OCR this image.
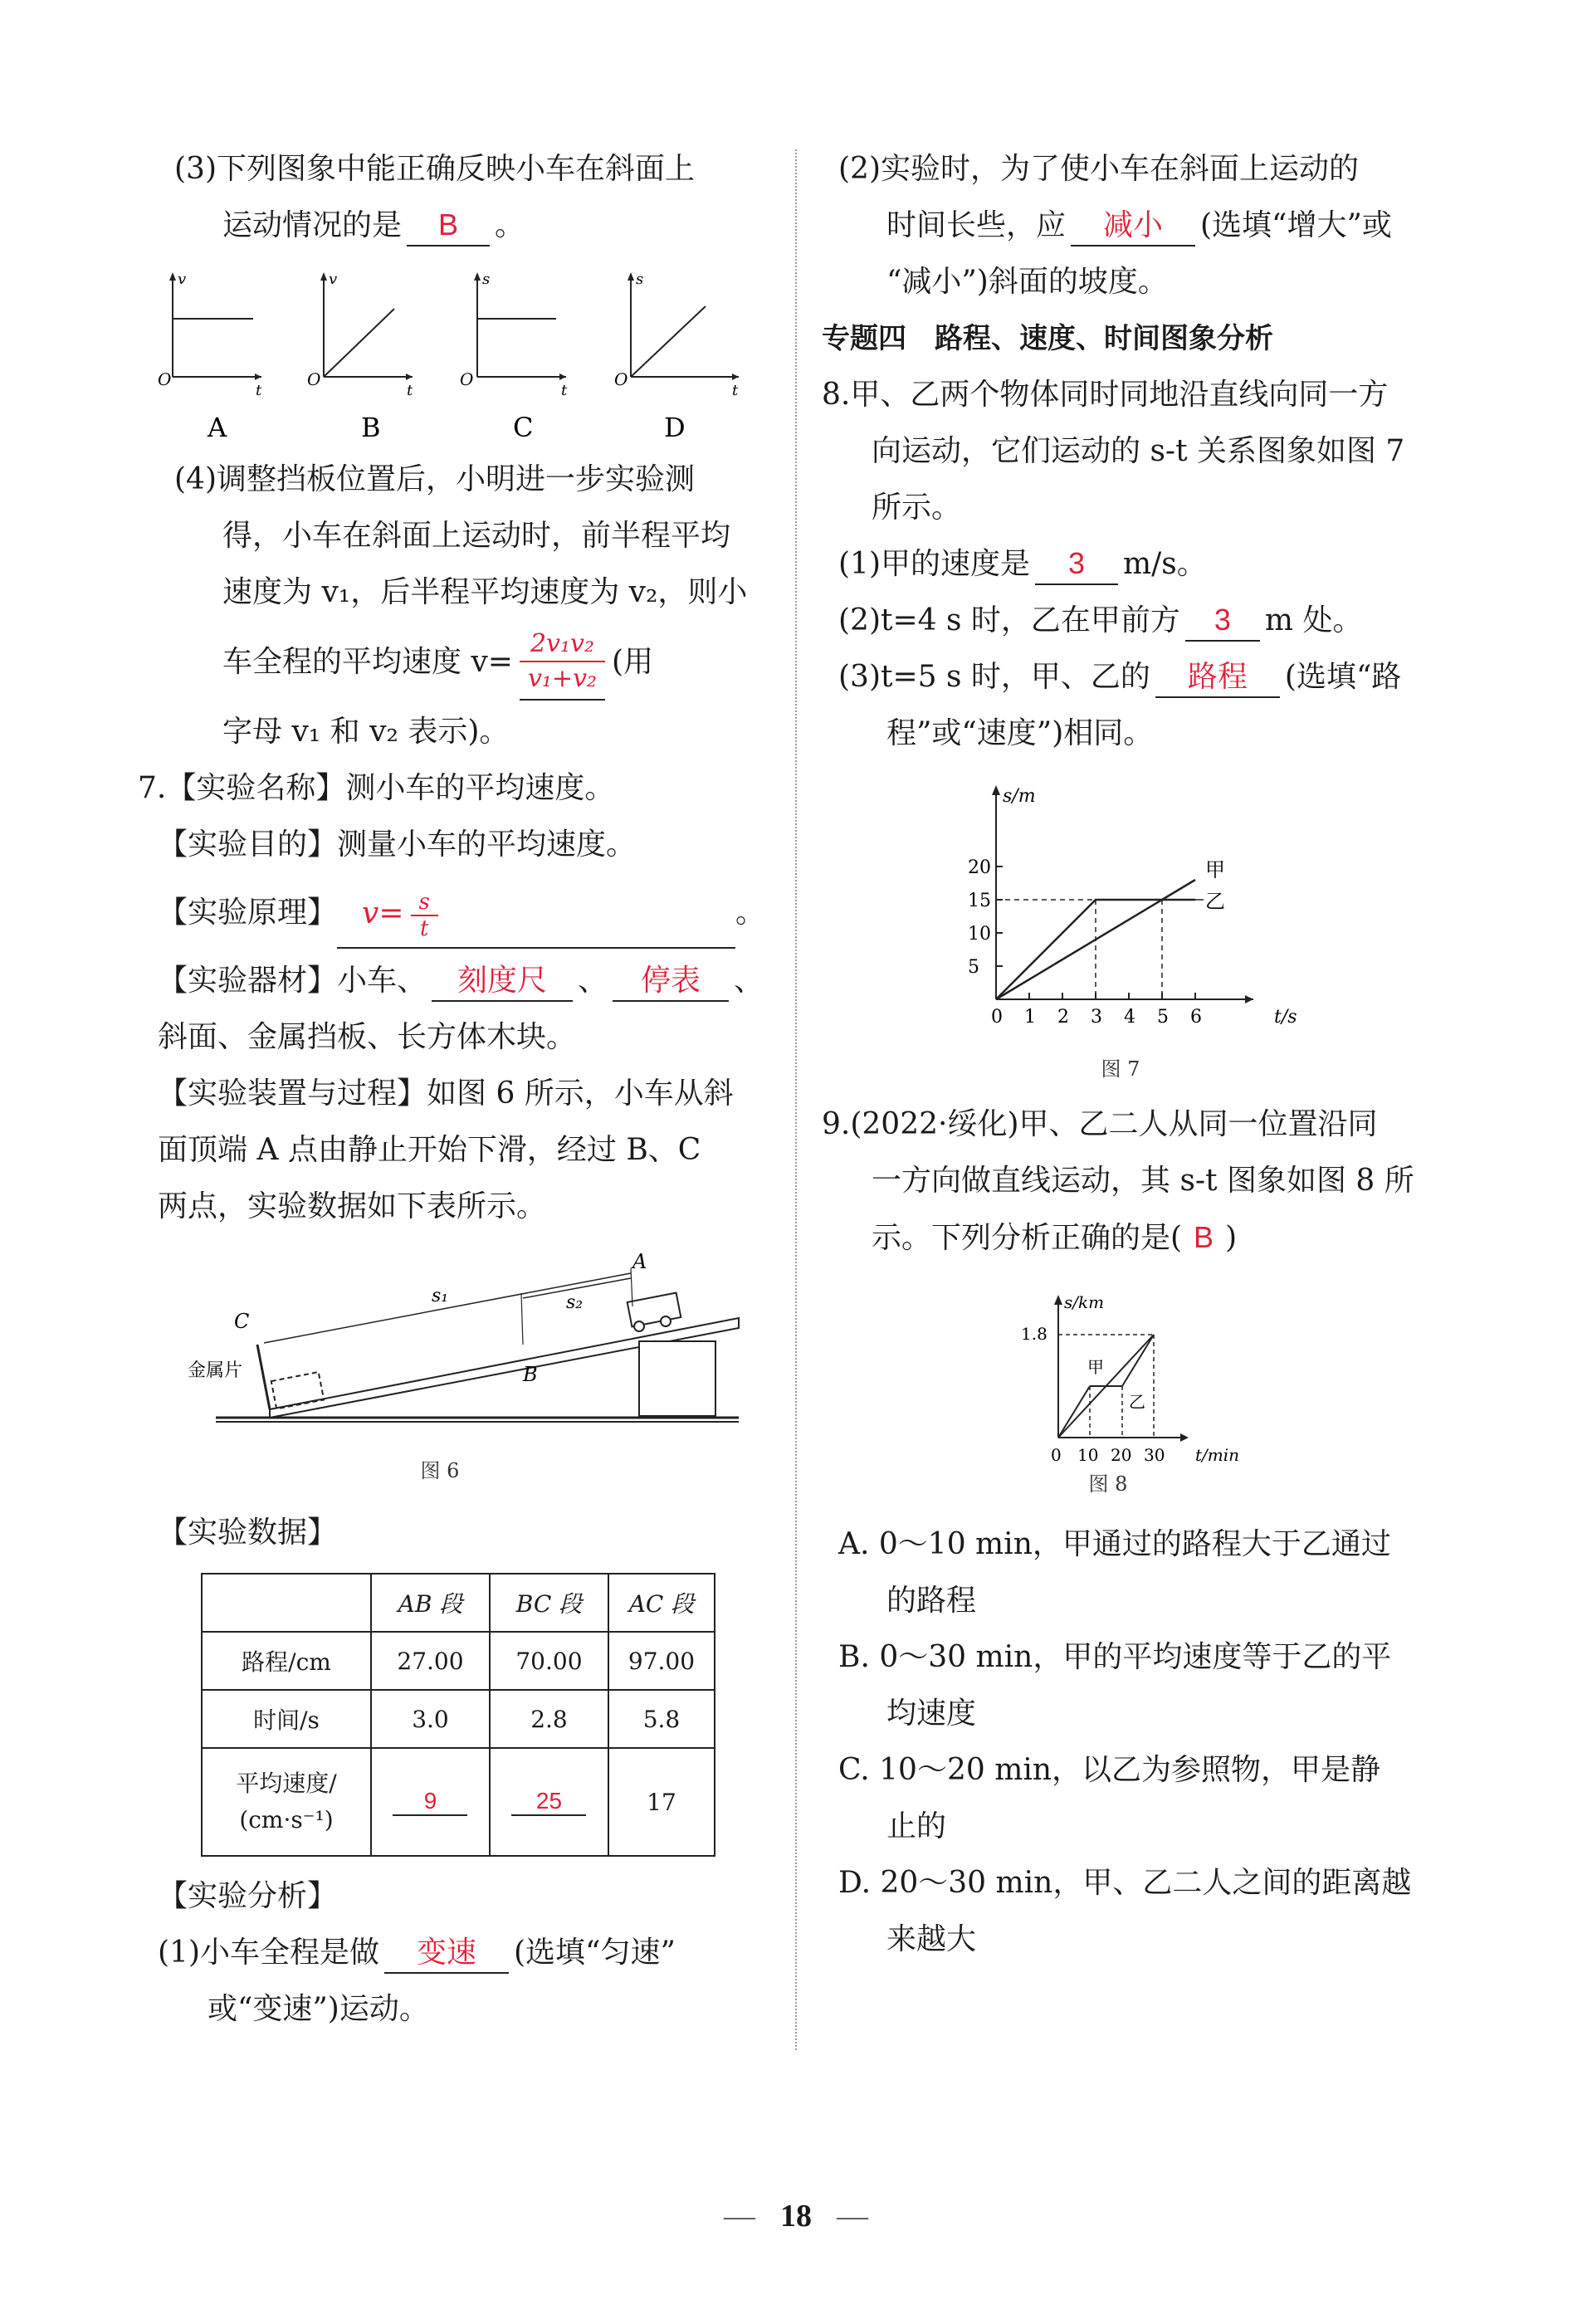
(3)下列图象中能正确反映小车在斜面上
运动情况的是 B 。
v
O
t
A
v
O
t
B
s
O
t
C
s
O
t
D
(4)调整挡板位置后，小明进一步实验测
得，小车在斜面上运动时，前半程平均
速度为 v₁，后半程平均速度为 v₂，则小
车全程的平均速度 $v= \frac{\text{2v₁v₂}}{\text{v₁+v₂}}$ (用
字母 v₁ 和 v₂ 表示)。
7.【实验名称】测小车的平均速度。
【实验目的】测量小车的平均速度。
【实验原理】 $v= \frac{s}{t}$	。
【实验器材】小车、 刻度尺 、 停表 、
斜面、金属挡板、长方体木块。
【实验装置与过程】如图 6 所示，小车从斜
面顶端 A 点由静止开始下滑，经过 B、C
两点，实验数据如下表所示。
C
A
B
s₁	s₂
金属片
图 6
【实验数据】
	AB 段	BC 段	AC 段
路程/cm	27.00	70.00	97.00
时间/s	3.0	2.8	5.8

平均速度/
(cm·s⁻¹)	9	25	17
【实验分析】
(1)小车全程是做 变速 (选填“匀速”
或“变速”)运动。
(2)实验时，为了使小车在斜面上运动的
时间长些，应 减小 (选填“增大”或
“减小”)斜面的坡度。
专题四　路程、速度、时间图象分析
8.甲、乙两个物体同时同地沿直线向同一方
向运动，它们运动的 s-t 关系图象如图 7
所示。
(1)甲的速度是 3 m/s。
(2)t=4 s 时，乙在甲前方 3 m 处。
(3)t=5 s 时，甲、乙的 路程 (选填“路
程”或“速度”)相同。
s/m
t/s
5
10
15
20
0 1 2 3 4 5 6
甲
乙
图 7
9.(2022·绥化)甲、乙二人从同一位置沿同
一方向做直线运动，其 s-t 图象如图 8 所
示。下列分析正确的是( B )
s/km
1.8
甲
乙
0 10 20 30 t/min
图 8
A. 0～10 min，甲通过的路程大于乙通过
的路程
B. 0～30 min，甲的平均速度等于乙的平
均速度
C. 10～20 min，以乙为参照物，甲是静
止的
D. 20～30 min，甲、乙二人之间的距离越
来越大
— 18 —
